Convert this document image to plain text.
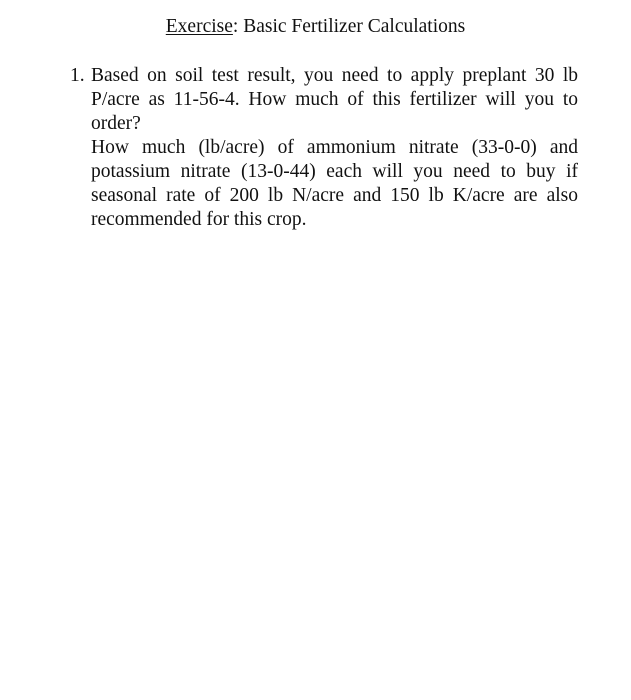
Exercise: Basic Fertilizer Calculations
1. Based on soil test result, you need to apply preplant 30 lb P/acre as 11-56-4. How much of this fertilizer will you to order?

How much (lb/acre) of ammonium nitrate (33-0-0) and potassium nitrate (13-0-44) each will you need to buy if seasonal rate of 200 lb N/acre and 150 lb K/acre are also recommended for this crop.
